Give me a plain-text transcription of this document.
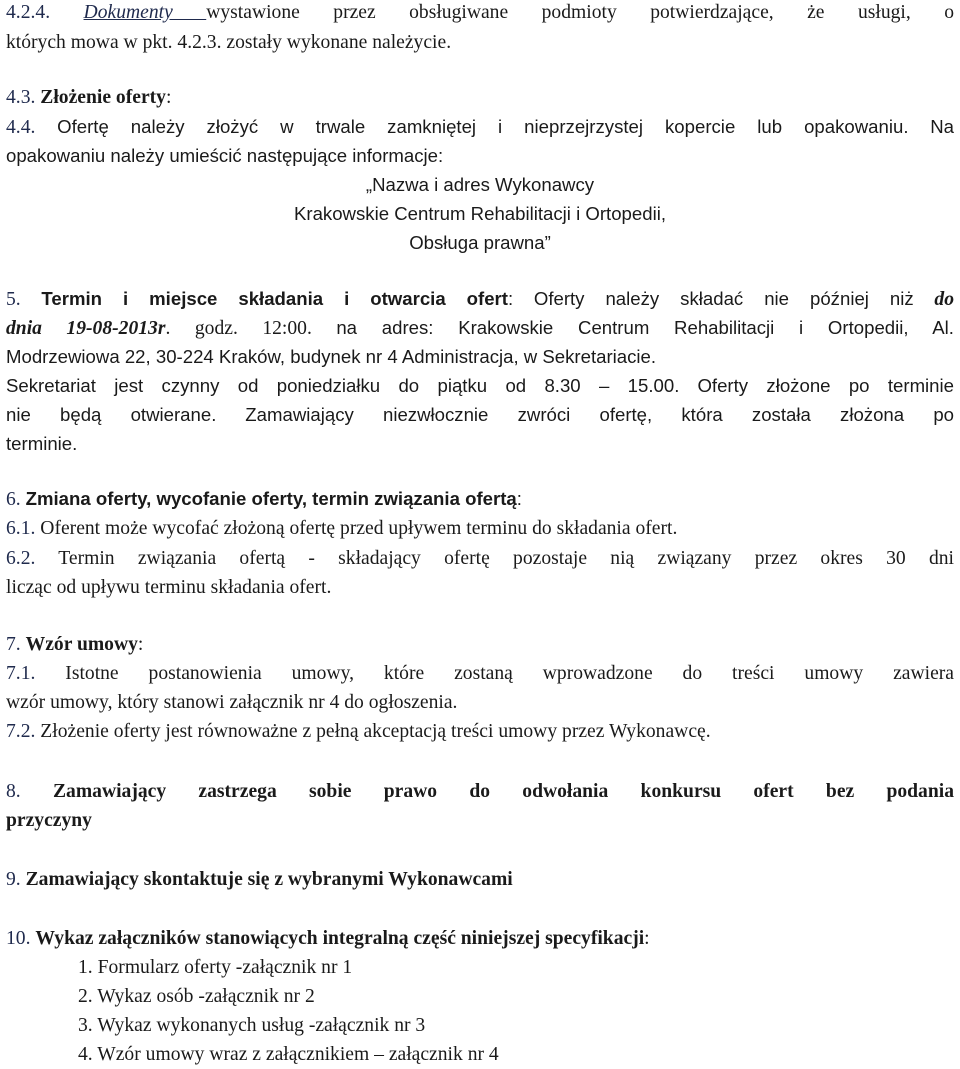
4.2.4. Dokumenty wystawione przez obsługiwane podmioty potwierdzające, że usługi, o
których mowa w pkt. 4.2.3. zostały wykonane należycie.
4.3. Złożenie oferty:
4.4. Ofertę należy złożyć w trwale zamkniętej i nieprzejrzystej kopercie lub opakowaniu. Na
opakowaniu należy umieścić następujące informacje:
„Nazwa i adres Wykonawcy
Krakowskie Centrum Rehabilitacji i Ortopedii,
Obsługa prawna”
5. Termin i miejsce składania i otwarcia ofert: Oferty należy składać nie później niż do
dnia 19-08-2013r. godz. 12:00. na adres: Krakowskie Centrum Rehabilitacji i Ortopedii, Al.
Modrzewiowa 22, 30-224 Kraków, budynek nr 4 Administracja, w Sekretariacie.
Sekretariat jest czynny od poniedziałku do piątku od 8.30 – 15.00. Oferty złożone po terminie
nie będą otwierane. Zamawiający niezwłocznie zwróci ofertę, która została złożona po
terminie.
6. Zmiana oferty, wycofanie oferty, termin związania ofertą:
6.1. Oferent może wycofać złożoną ofertę przed upływem terminu do składania ofert.
6.2. Termin związania ofertą - składający ofertę pozostaje nią związany przez okres 30 dni
licząc od upływu terminu składania ofert.
7. Wzór umowy:
7.1. Istotne postanowienia umowy, które zostaną wprowadzone do treści umowy zawiera
wzór umowy, który stanowi załącznik nr 4 do ogłoszenia.
7.2. Złożenie oferty jest równoważne z pełną akceptacją treści umowy przez Wykonawcę.
8. Zamawiający zastrzega sobie prawo do odwołania konkursu ofert bez podania
przyczyny
9. Zamawiający skontaktuje się z wybranymi Wykonawcami
10. Wykaz załączników stanowiących integralną część niniejszej specyfikacji:
1. Formularz oferty -załącznik nr 1
2. Wykaz osób -załącznik nr 2
3. Wykaz wykonanych usług -załącznik nr 3
4. Wzór umowy wraz z załącznikiem – załącznik nr 4
